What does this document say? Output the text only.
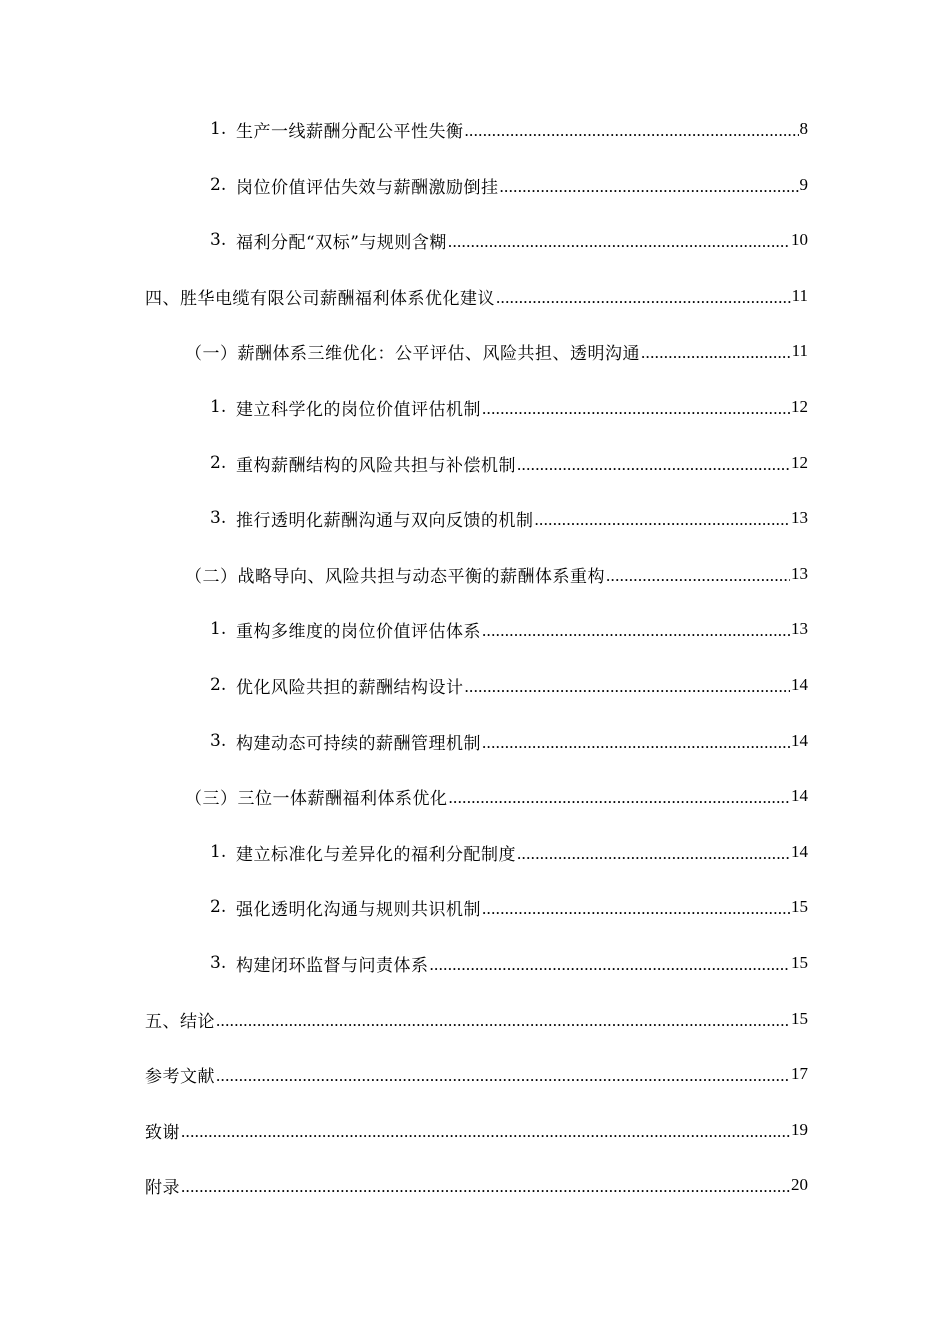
1. 生产一线薪酬分配公平性失衡 .....	8
2. 岗位价值评估失效与薪酬激励倒挂 .....	9
3. 福利分配“双标”与规则含糊 .....	10
四、胜华电缆有限公司薪酬福利体系优化建议 .....	11
（一）薪酬体系三维优化：公平评估、风险共担、透明沟通 .....	11
1. 建立科学化的岗位价值评估机制 .....	12
2. 重构薪酬结构的风险共担与补偿机制 .....	12
3. 推行透明化薪酬沟通与双向反馈的机制 .....	13
（二）战略导向、风险共担与动态平衡的薪酬体系重构 .....	13
1. 重构多维度的岗位价值评估体系 .....	13
2. 优化风险共担的薪酬结构设计 .....	14
3. 构建动态可持续的薪酬管理机制 .....	14
（三）三位一体薪酬福利体系优化 .....	14
1. 建立标准化与差异化的福利分配制度 .....	14
2. 强化透明化沟通与规则共识机制 .....	15
3. 构建闭环监督与问责体系 .....	15
五、结论 .....	15
参考文献 .....	17
致谢 .....	19
附录 .....	20
